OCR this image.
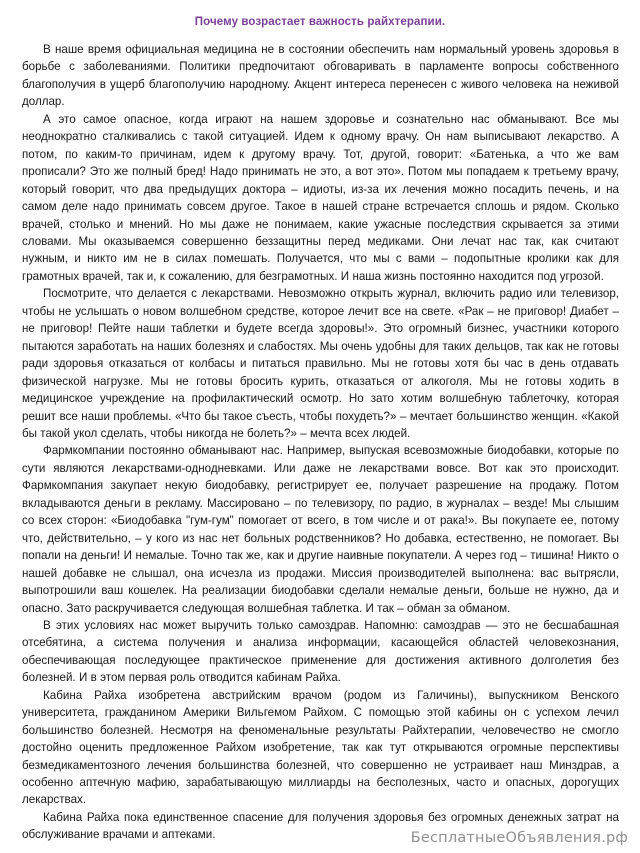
Почему возрастает важность райхтерапии.

В наше время официальная медицина не в состоянии обеспечить нам нормальный уровень здоровья в борьбе с заболеваниями. Политики предпочитают обговаривать в парламенте вопросы собственного благополучия в ущерб благополучию народному. Акцент интереса перенесен с живого человека на неживой доллар.

А это самое опасное, когда играют на нашем здоровье и сознательно нас обманывают. Все мы неоднократно сталкивались с такой ситуацией. Идем к одному врачу. Он нам выписывают лекарство. А потом, по каким-то причинам, идем к другому врачу. Тот, другой, говорит: «Батенька, а что же вам прописали? Это же полный бред! Надо принимать не это, а вот это». Потом мы попадаем к третьему врачу, который говорит, что два предыдущих доктора – идиоты, из-за их лечения можно посадить печень, и на самом деле надо принимать совсем другое. Такое в нашей стране встречается сплошь и рядом. Сколько врачей, столько и мнений. Но мы даже не понимаем, какие ужасные последствия скрывается за этими словами. Мы оказываемся совершенно беззащитны перед медиками. Они лечат нас так, как считают нужным, и никто им не в силах помешать. Получается, что мы с вами – подопытные кролики как для грамотных врачей, так и, к сожалению, для безграмотных. И наша жизнь постоянно находится под угрозой.

Посмотрите, что делается с лекарствами. Невозможно открыть журнал, включить радио или телевизор, чтобы не услышать о новом волшебном средстве, которое лечит все на свете. «Рак – не приговор! Диабет – не приговор! Пейте наши таблетки и будете всегда здоровы!». Это огромный бизнес, участники которого пытаются заработать на наших болезнях и слабостях. Мы очень удобны для таких дельцов, так как не готовы ради здоровья отказаться от колбасы и питаться правильно. Мы не готовы хотя бы час в день отдавать физической нагрузке. Мы не готовы бросить курить, отказаться от алкоголя. Мы не готовы ходить в медицинское учреждение на профилактический осмотр. Но зато хотим волшебную таблеточку, которая решит все наши проблемы. «Что бы такое съесть, чтобы похудеть?» – мечтает большинство женщин. «Какой бы такой укол сделать, чтобы никогда не болеть?» – мечта всех людей.

Фармкомпании постоянно обманывают нас. Например, выпуская всевозможные биодобавки, которые по сути являются лекарствами-однодневками. Или даже не лекарствами вовсе. Вот как это происходит. Фармкомпания закупает некую биодобавку, регистрирует ее, получает разрешение на продажу. Потом вкладываются деньги в рекламу. Массировано – по телевизору, по радио, в журналах – везде! Мы слышим со всех сторон: «Биодобавка "гум-гум" помогает от всего, в том числе и от рака!». Вы покупаете ее, потому что, действительно, – у кого из нас нет больных родственников? Но добавка, естественно, не помогает. Вы попали на деньги! И немалые. Точно так же, как и другие наивные покупатели. А через год – тишина! Никто о нашей добавке не слышал, она исчезла из продажи. Миссия производителей выполнена: вас вытрясли, выпотрошили ваш кошелек. На реализации биодобавки сделали немалые деньги, больше не нужно, да и опасно. Зато раскручивается следующая волшебная таблетка. И так – обман за обманом.

В этих условиях нас может выручить только самоздрав. Напомню: самоздрав — это не бесшабашная отсебятина, а система получения и анализа информации, касающейся областей человекознания, обеспечивающая последующее практическое применение для достижения активного долголетия без болезней. И в этом первая роль отводится кабинам Райха.

Кабина Райха изобретена австрийским врачом (родом из Галичины), выпускником Венского университета, гражданином Америки Вильгемом Райхом. С помощью этой кабины он с успехом лечил большинство болезней. Несмотря на феноменальные результаты Райхтерапии, человечество не смогло достойно оценить предложенное Райхом изобретение, так как тут открываются огромные перспективы безмедикаментозного лечения большинства болезней, что совершенно не устраивает наш Минздрав, а особенно аптечную мафию, зарабатывающую миллиарды на бесполезных, часто и опасных, дорогущих лекарствах.

Кабина Райха пока единственное спасение для получения здоровья без огромных денежных затрат на обслуживание врачами и аптеками.	БесплатныеОбъявления.рф
